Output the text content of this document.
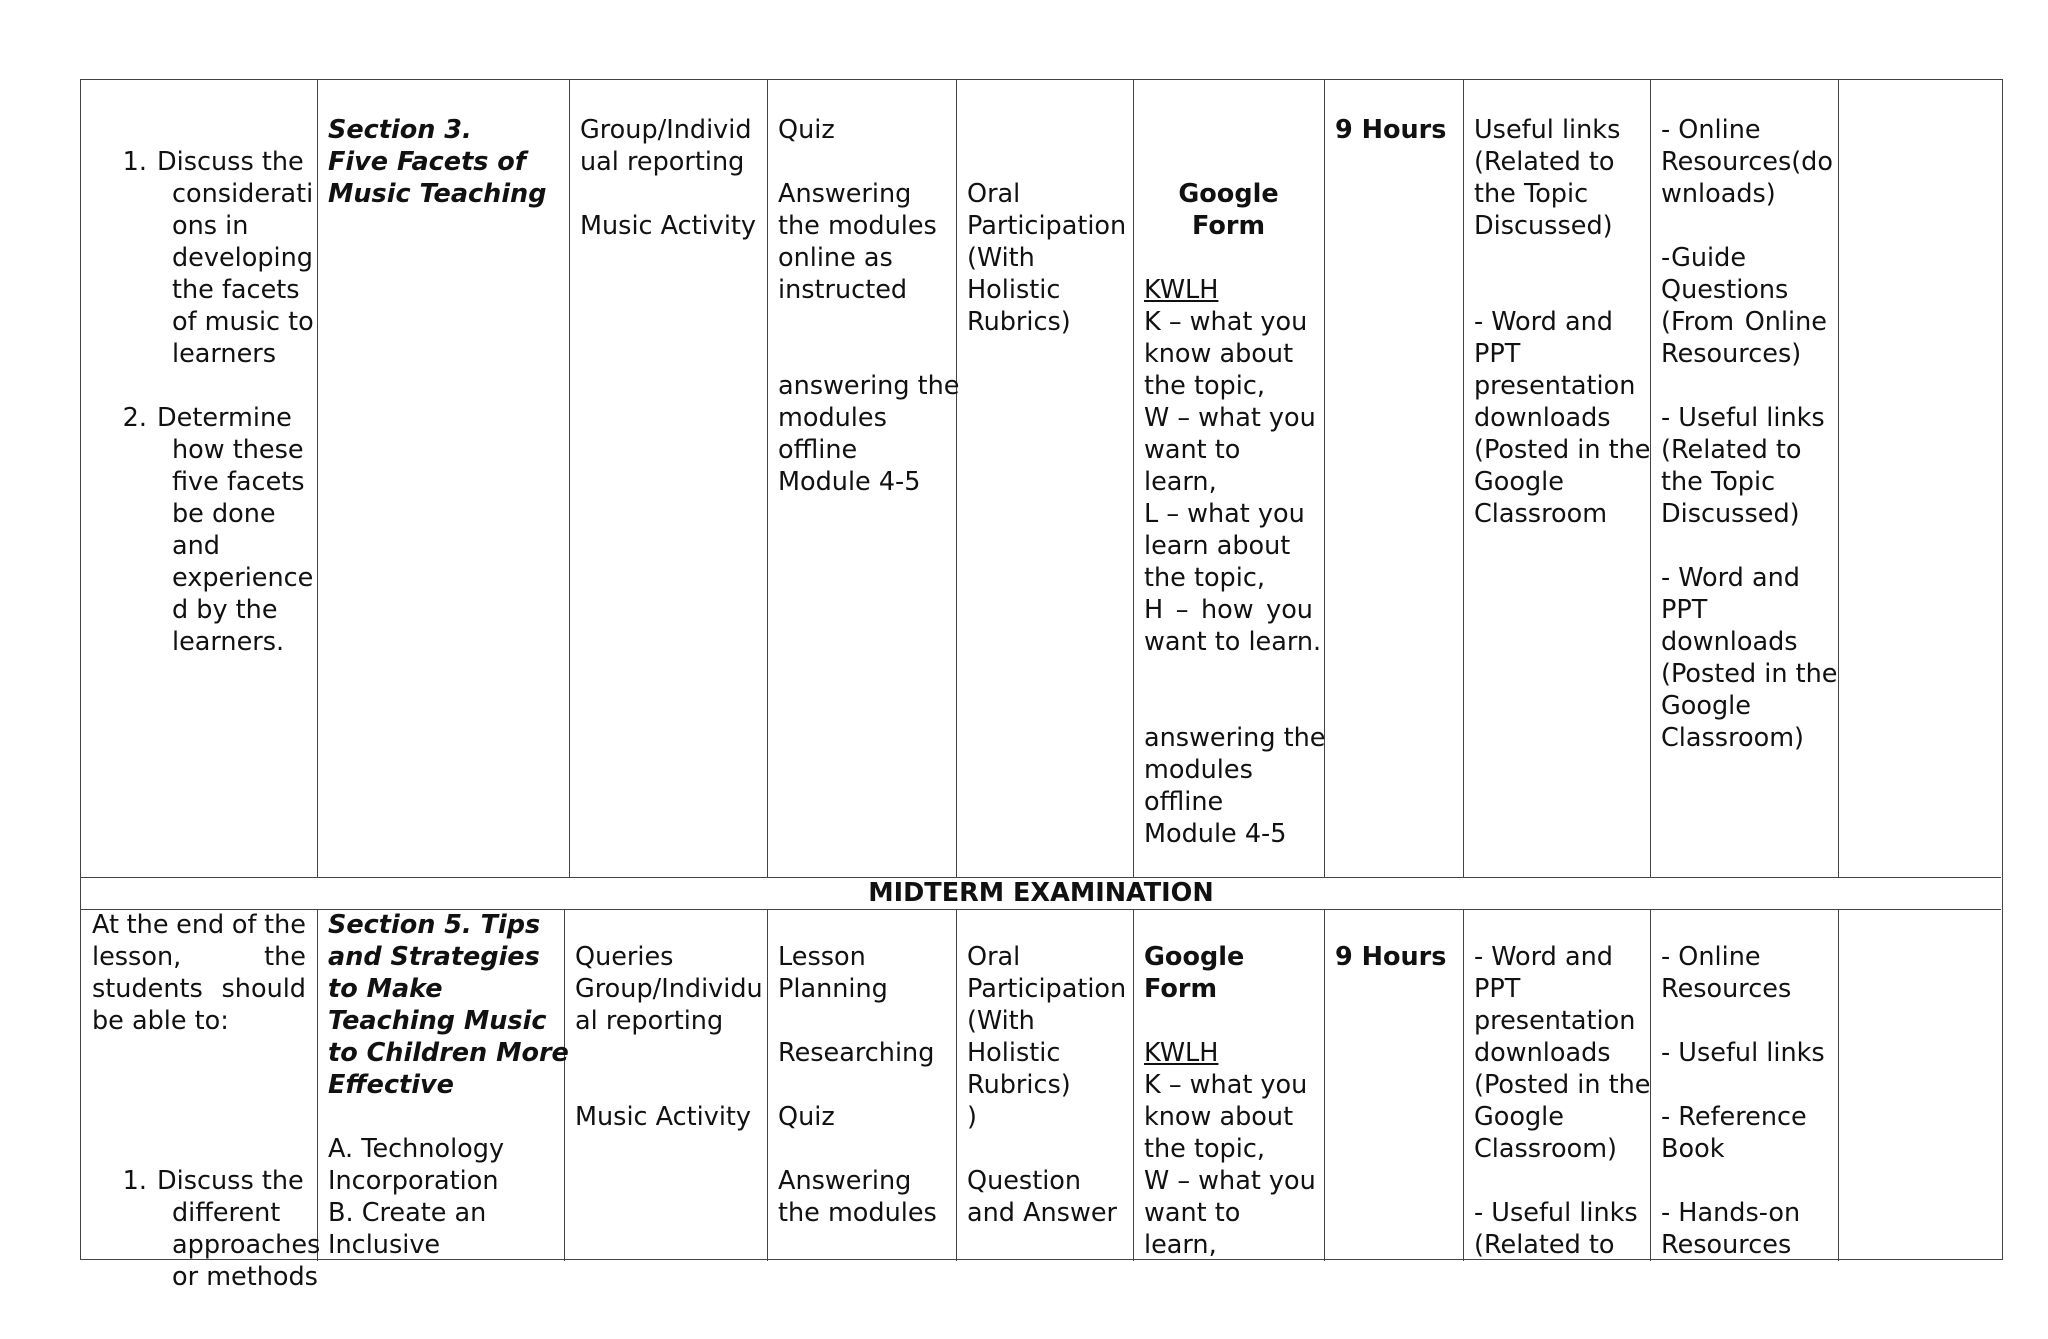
1. Discuss the
considerati
ons in
developing
the facets
of music to
learners
2. Determine
how these
five facets
be done
and
experience
d by the
learners.
Section 3.
Five Facets of
Music Teaching
Group/Individ
ual reporting
Music Activity
Quiz
Answering
the modules
online as
instructed
answering the
modules
offline
Module 4-5
Oral
Participation
(With
Holistic
Rubrics)
Google
Form
KWLH
K – what you
know about
the topic,
W – what you
want to
learn,
L – what you
learn about
the topic,
H – how you
want to learn.
answering the
modules
offline
Module 4-5
9 Hours Useful links
(Related to
the Topic
Discussed)
- Word and
PPT
presentation
downloads
(Posted in the
Google
Classroom
- Online
Resources(do
wnloads)
-Guide
Questions
(From Online
Resources)
- Useful links
(Related to
the Topic
Discussed)
- Word and
PPT
downloads
(Posted in the
Google
Classroom)
MIDTERM EXAMINATION
At the end of the
lesson,	the
students should
be able to:
1. Discuss the
different
approaches
or methods
Section 5. Tips
and Strategies
to Make
Teaching Music
to Children More
Effective
A. Technology
Incorporation
B. Create an
Inclusive
Queries
Group/Individu
al reporting
Music Activity
Lesson
Planning
Researching
Quiz
Answering
the modules
Oral
Participation
(With
Holistic
Rubrics)
)
Question
and Answer
Google
Form
KWLH
K – what you
know about
the topic,
W – what you
want to
learn,
9 Hours - Word and
PPT
presentation
downloads
(Posted in the
Google
Classroom)
- Useful links
(Related to
- Online
Resources
- Useful links
- Reference
Book
- Hands-on
Resources
